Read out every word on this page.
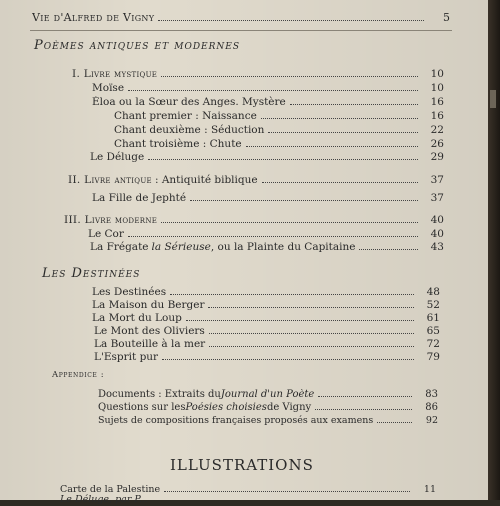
Vie d'Alfred de Vigny	5
Poèmes antiques et modernes
I. Livre mystique	10
Moïse	10
Éloa ou la Sœur des Anges. Mystère	16
Chant premier : Naissance	16
Chant deuxième : Séduction	22
Chant troisième : Chute	26
Le Déluge	29
II. Livre antique : Antiquité biblique	37
La Fille de Jephté	37
III. Livre moderne	40
Le Cor	40
La Frégate la Sérieuse , ou la Plainte du Capitaine	43
Les Destinées
Les Destinées	48
La Maison du Berger	52
La Mort du Loup	61
Le Mont des Oliviers	65
La Bouteille à la mer	72
L'Esprit pur	79
Appendice :
Documents : Extraits du Journal d'un Poète	83
Questions sur les Poésies choisies de Vigny	86
Sujets de compositions françaises proposés aux examens	92
ILLUSTRATIONS
Carte de la Palestine	11
Le Déluge, par P...
